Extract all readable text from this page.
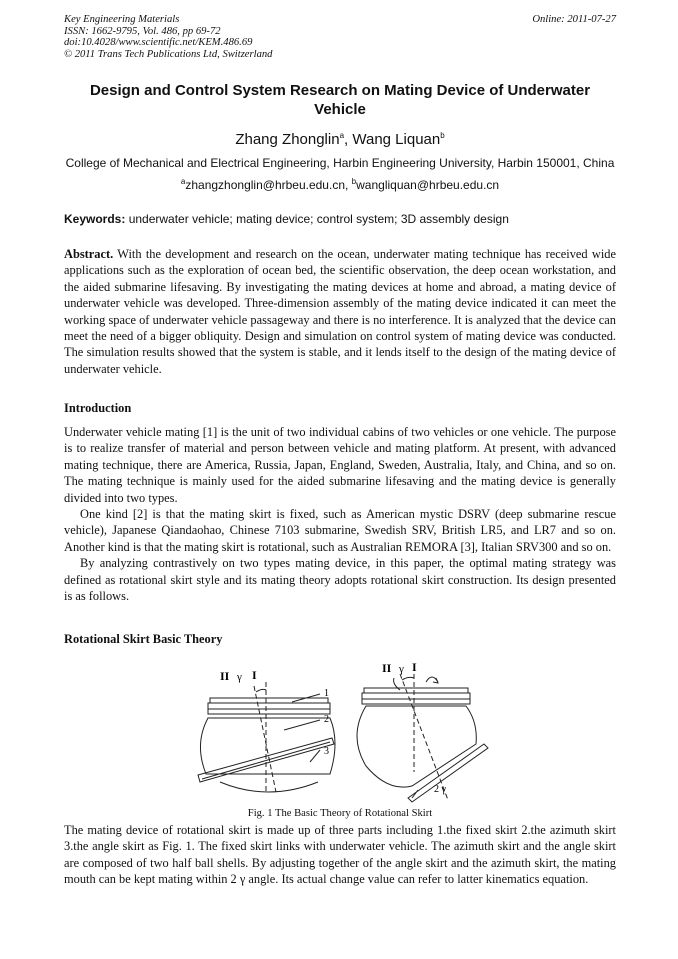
Key Engineering Materials
ISSN: 1662-9795, Vol. 486, pp 69-72
doi:10.4028/www.scientific.net/KEM.486.69
© 2011 Trans Tech Publications Ltd, Switzerland
Online: 2011-07-27
Design and Control System Research on Mating Device of Underwater Vehicle
Zhang Zhonglin$^a$, Wang Liquan$^b$
College of Mechanical and Electrical Engineering, Harbin Engineering University, Harbin 150001, China
$^a$zhangzhonglin@hrbeu.edu.cn, $^b$wangliquan@hrbeu.edu.cn
Keywords: underwater vehicle; mating device; control system; 3D assembly design
Abstract. With the development and research on the ocean, underwater mating technique has received wide applications such as the exploration of ocean bed, the scientific observation, the deep ocean workstation, and the aided submarine lifesaving. By investigating the mating devices at home and abroad, a mating device of underwater vehicle was developed. Three-dimension assembly of the mating device indicated it can meet the working space of underwater vehicle passageway and there is no interference. It is analyzed that the device can meet the need of a bigger obliquity. Design and simulation on control system of mating device was conducted. The simulation results showed that the system is stable, and it lends itself to the design of the mating device of underwater vehicle.
Introduction

Underwater vehicle mating [1] is the unit of two individual cabins of two vehicles or one vehicle. The purpose is to realize transfer of material and person between vehicle and mating platform. At present, with advanced mating technique, there are America, Russia, Japan, England, Sweden, Australia, Italy, and China, and so on. The mating technique is mainly used for the aided submarine lifesaving and the mating device is generally divided into two types.

One kind [2] is that the mating skirt is fixed, such as American mystic DSRV (deep submarine rescue vehicle), Japanese Qiandaohao, Chinese 7103 submarine, Swedish SRV, British LR5, and LR7 and so on. Another kind is that the mating skirt is rotational, such as Australian REMORA [3], Italian SRV300 and so on.

By analyzing contrastively on two types mating device, in this paper, the optimal mating strategy was defined as rotational skirt style and its mating theory adopts rotational skirt construction. Its design presented is as follows.

Rotational Skirt Basic Theory
II γ I
1
2
3
II γ I
2 γ
Fig. 1 The Basic Theory of Rotational Skirt
The mating device of rotational skirt is made up of three parts including 1.the fixed skirt 2.the azimuth skirt 3.the angle skirt as Fig. 1. The fixed skirt links with underwater vehicle. The azimuth skirt and the angle skirt are composed of two half ball shells. By adjusting together of the angle skirt and the azimuth skirt, the mating mouth can be kept mating within 2 γ angle. Its actual change value can refer to latter kinematics equation.
